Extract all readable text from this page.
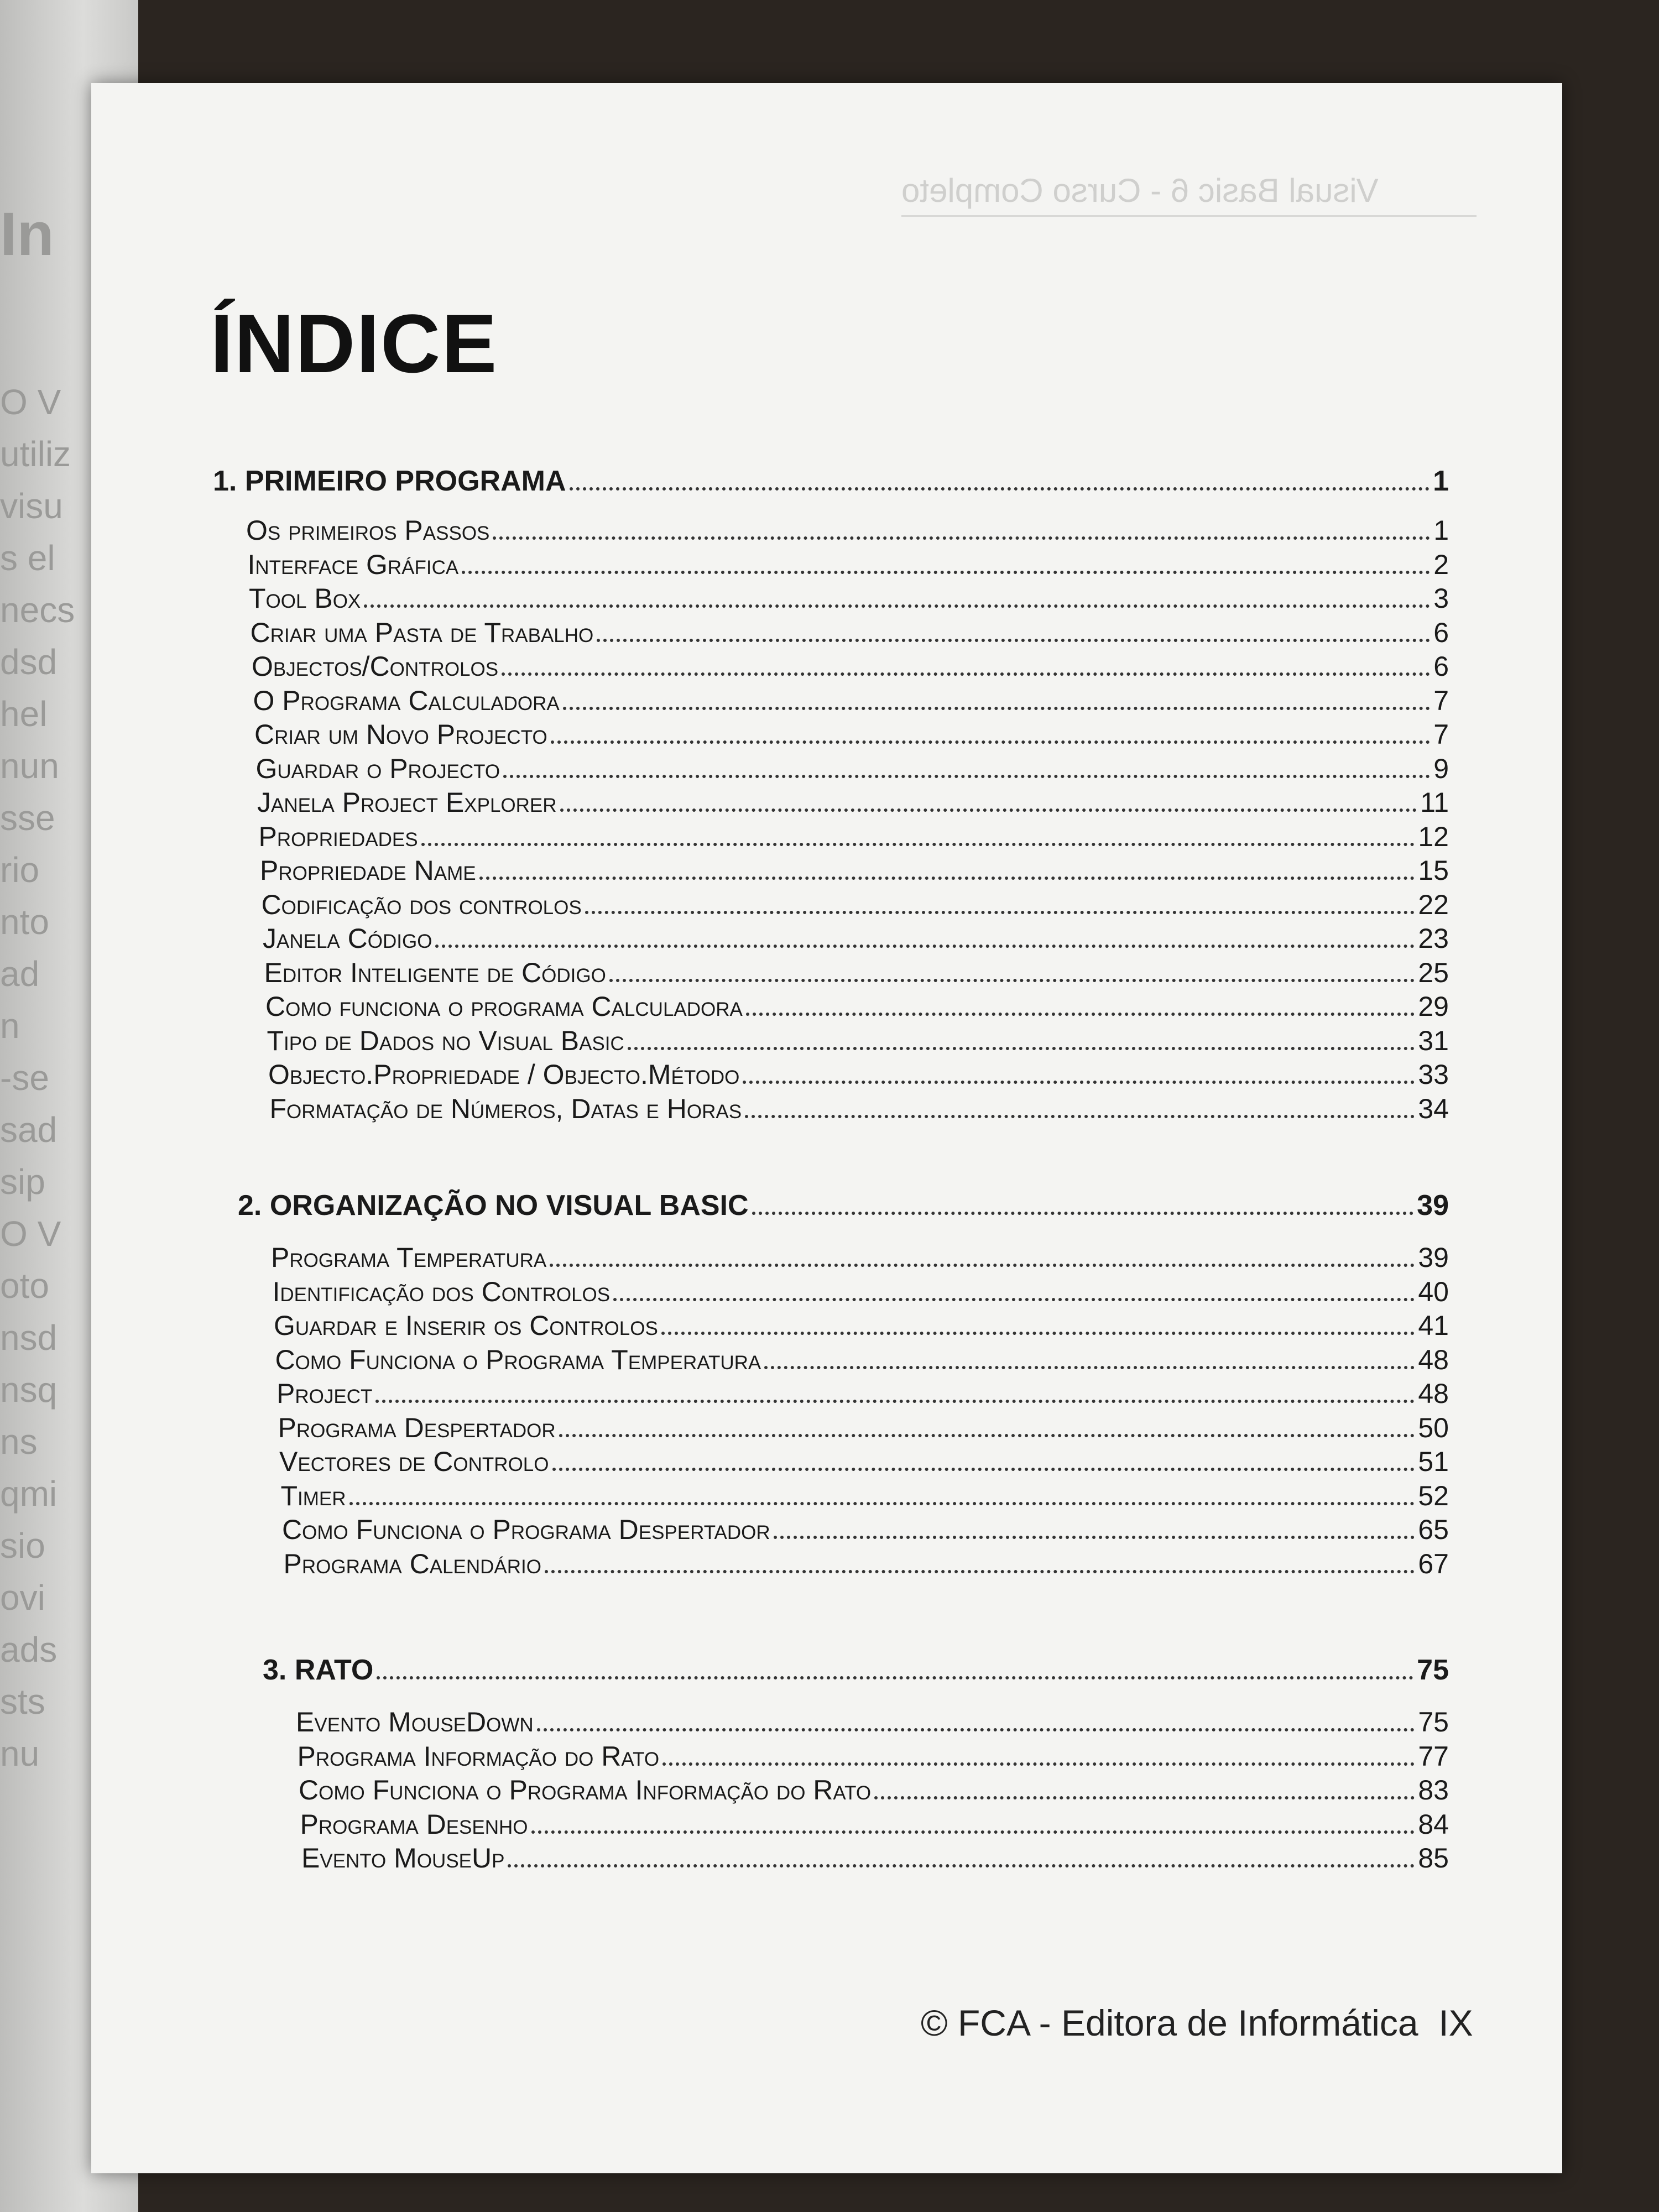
In
O V
utiliz
visu
s el
necs
dsd
hel
nun
sse
rio
nto
ad
n
-se
sad
sip
O V
oto
nsd
nsq
ns
qmi
sio
ovi
ads
sts
nu
Visual Basic 6 - Curso Completo
ÍNDICE
1. PRIMEIRO PROGRAMA	1
Os primeiros Passos	1
Interface Gráfica	2
Tool Box	3
Criar uma Pasta de Trabalho	6
Objectos/Controlos	6
O Programa Calculadora	7
Criar um Novo Projecto	7
Guardar o Projecto	9
Janela Project Explorer	11
Propriedades	12
Propriedade Name	15
Codificação dos controlos	22
Janela Código	23
Editor Inteligente de Código	25
Como funciona o programa Calculadora	29
Tipo de Dados no Visual Basic	31
Objecto.Propriedade / Objecto.Método	33
Formatação de Números, Datas e Horas	34
2. ORGANIZAÇÃO NO VISUAL BASIC	39
Programa Temperatura	39
Identificação dos Controlos	40
Guardar e Inserir os Controlos	41
Como Funciona o Programa Temperatura	48
Project	48
Programa Despertador	50
Vectores de Controlo	51
Timer	52
Como Funciona o Programa Despertador	65
Programa Calendário	67
3. RATO	75
Evento MouseDown	75
Programa Informação do Rato	77
Como Funciona o Programa Informação do Rato	83
Programa Desenho	84
Evento MouseUp	85
© FCA - Editora de Informática IX
